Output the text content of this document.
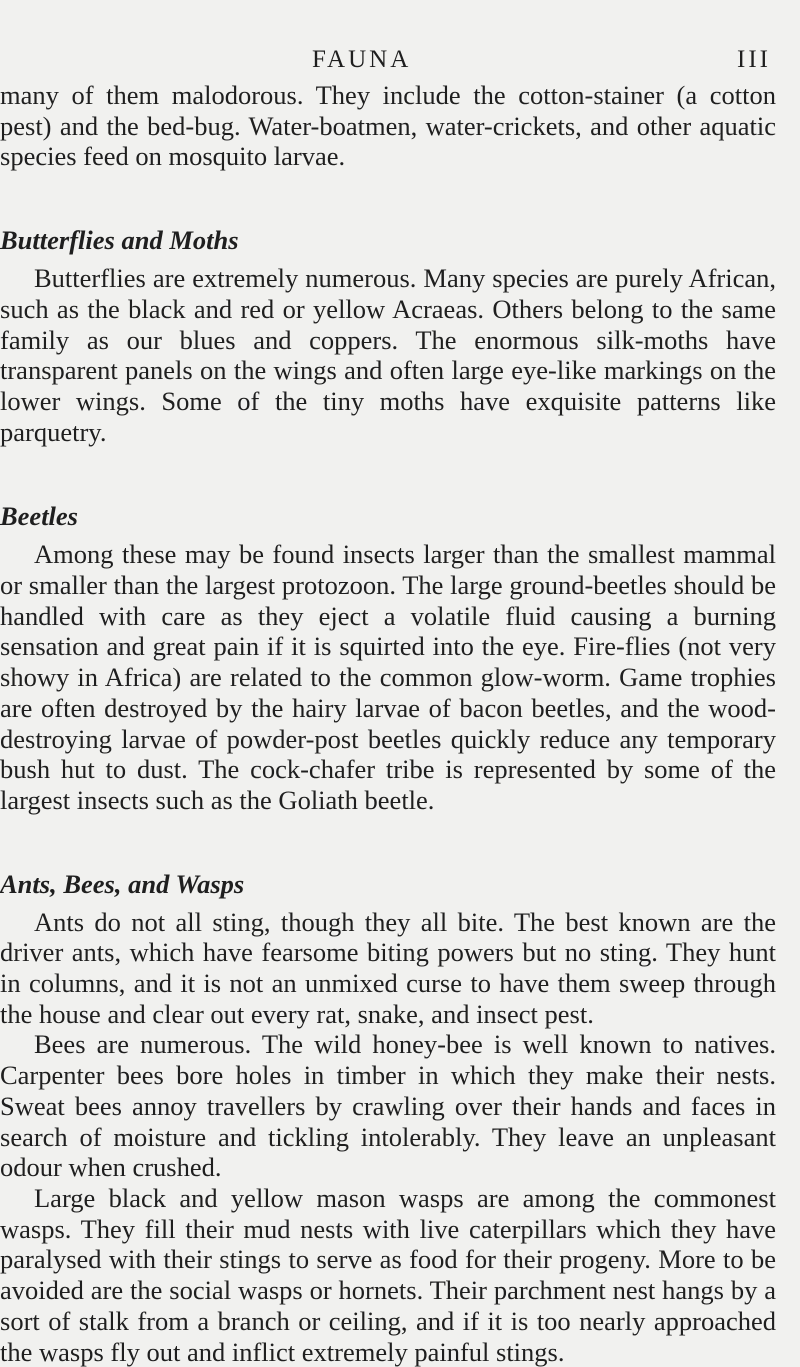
FAUNA	III

many of them malodorous. They include the cotton-stainer (a cotton pest) and the bed-bug. Water-boatmen, water-crickets, and other aquatic species feed on mosquito larvae.

Butterflies and Moths

Butterflies are extremely numerous. Many species are purely African, such as the black and red or yellow Acraeas. Others belong to the same family as our blues and coppers. The enormous silk-moths have transparent panels on the wings and often large eye-like markings on the lower wings. Some of the tiny moths have exquisite patterns like parquetry.

Beetles

Among these may be found insects larger than the smallest mammal or smaller than the largest protozoon. The large ground-beetles should be handled with care as they eject a volatile fluid causing a burning sensation and great pain if it is squirted into the eye. Fire-flies (not very showy in Africa) are related to the common glow-worm. Game trophies are often destroyed by the hairy larvae of bacon beetles, and the wood-destroying larvae of powder-post beetles quickly reduce any temporary bush hut to dust. The cock-chafer tribe is represented by some of the largest insects such as the Goliath beetle.

Ants, Bees, and Wasps

Ants do not all sting, though they all bite. The best known are the driver ants, which have fearsome biting powers but no sting. They hunt in columns, and it is not an unmixed curse to have them sweep through the house and clear out every rat, snake, and insect pest.

Bees are numerous. The wild honey-bee is well known to natives. Carpenter bees bore holes in timber in which they make their nests. Sweat bees annoy travellers by crawling over their hands and faces in search of moisture and tickling intolerably. They leave an unpleasant odour when crushed.

Large black and yellow mason wasps are among the commonest wasps. They fill their mud nests with live caterpillars which they have paralysed with their stings to serve as food for their progeny. More to be avoided are the social wasps or hornets. Their parchment nest hangs by a sort of stalk from a branch or ceiling, and if it is too nearly approached the wasps fly out and inflict extremely painful stings.
